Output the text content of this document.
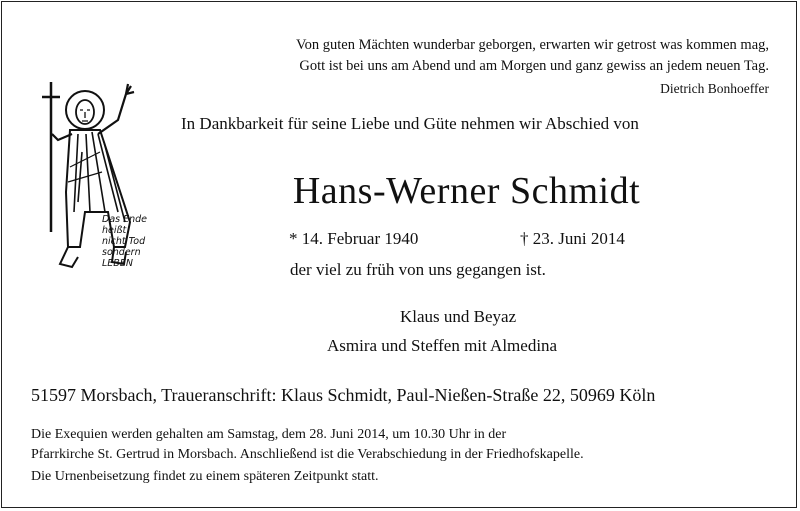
Von guten Mächten wunderbar geborgen, erwarten wir getrost was kommen mag,
Gott ist bei uns am Abend und am Morgen und ganz gewiss an jedem neuen Tag.
Dietrich Bonhoeffer
Das Ende
heißt
nicht Tod
sondern
LEBEN
In Dankbarkeit für seine Liebe und Güte nehmen wir Abschied von
Hans-Werner Schmidt
* 14. Februar 1940	† 23. Juni 2014
der viel zu früh von uns gegangen ist.
Klaus und Beyaz
Asmira und Steffen mit Almedina
51597 Morsbach, Traueranschrift: Klaus Schmidt, Paul-Nießen-Straße 22, 50969 Köln
Die Exequien werden gehalten am Samstag, dem 28. Juni 2014, um 10.30 Uhr in der
Pfarrkirche St. Gertrud in Morsbach. Anschließend ist die Verabschiedung in der Friedhofskapelle.
Die Urnenbeisetzung findet zu einem späteren Zeitpunkt statt.
